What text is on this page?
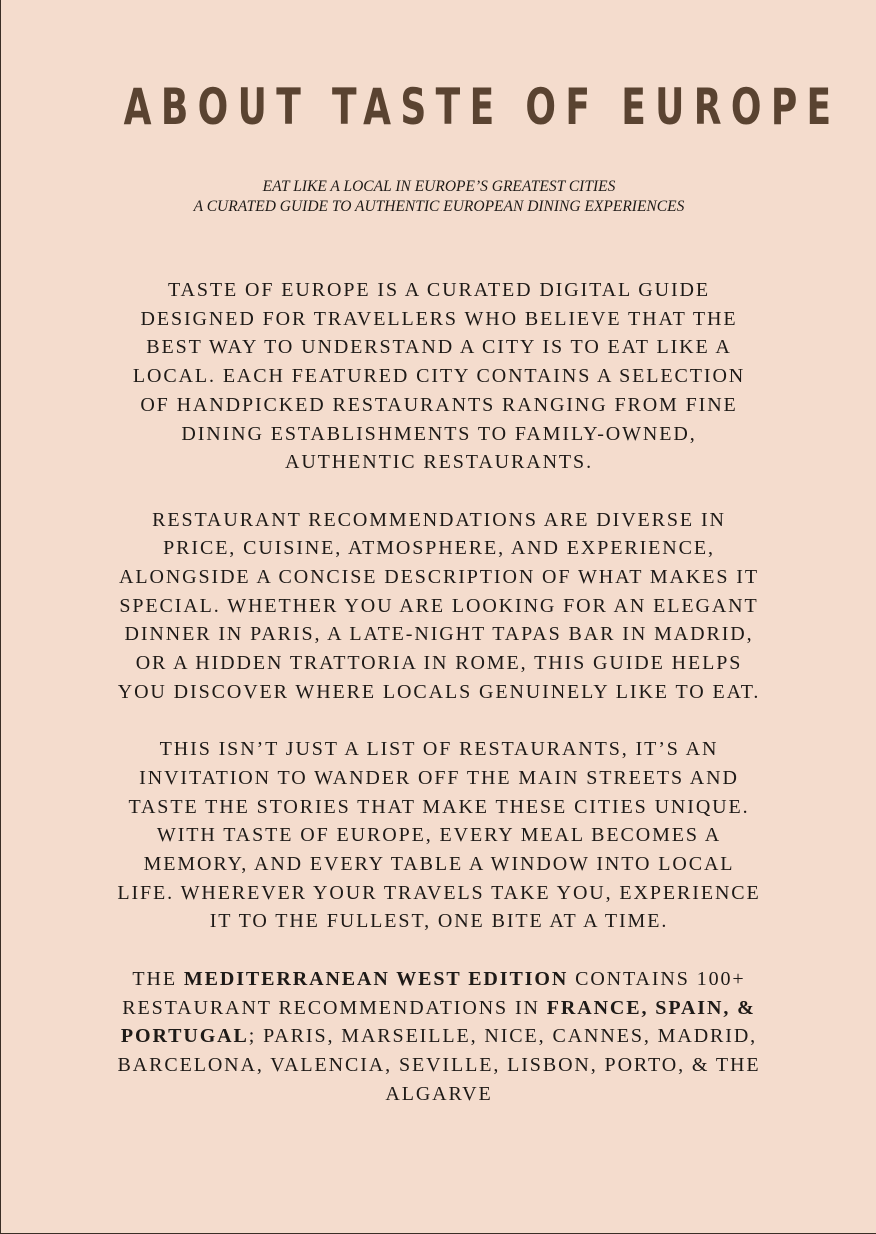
ABOUT TASTE OF EUROPE
EAT LIKE A LOCAL IN EUROPE’S GREATEST CITIES
A CURATED GUIDE TO AUTHENTIC EUROPEAN DINING EXPERIENCES

TASTE OF EUROPE IS A CURATED DIGITAL GUIDE
DESIGNED FOR TRAVELLERS WHO BELIEVE THAT THE
BEST WAY TO UNDERSTAND A CITY IS TO EAT LIKE A
LOCAL. EACH FEATURED CITY CONTAINS A SELECTION
OF HANDPICKED RESTAURANTS RANGING FROM FINE
DINING ESTABLISHMENTS TO FAMILY-OWNED,
AUTHENTIC RESTAURANTS.

RESTAURANT RECOMMENDATIONS ARE DIVERSE IN
PRICE, CUISINE, ATMOSPHERE, AND EXPERIENCE,
ALONGSIDE A CONCISE DESCRIPTION OF WHAT MAKES IT
SPECIAL. WHETHER YOU ARE LOOKING FOR AN ELEGANT
DINNER IN PARIS, A LATE-NIGHT TAPAS BAR IN MADRID,
OR A HIDDEN TRATTORIA IN ROME, THIS GUIDE HELPS
YOU DISCOVER WHERE LOCALS GENUINELY LIKE TO EAT.

THIS ISN’T JUST A LIST OF RESTAURANTS, IT’S AN
INVITATION TO WANDER OFF THE MAIN STREETS AND
TASTE THE STORIES THAT MAKE THESE CITIES UNIQUE.
WITH TASTE OF EUROPE, EVERY MEAL BECOMES A
MEMORY, AND EVERY TABLE A WINDOW INTO LOCAL
LIFE. WHEREVER YOUR TRAVELS TAKE YOU, EXPERIENCE
IT TO THE FULLEST, ONE BITE AT A TIME.

THE MEDITERRANEAN WEST EDITION CONTAINS 100+
RESTAURANT RECOMMENDATIONS IN FRANCE, SPAIN, &
PORTUGAL; PARIS, MARSEILLE, NICE, CANNES, MADRID,
BARCELONA, VALENCIA, SEVILLE, LISBON, PORTO, & THE
ALGARVE
